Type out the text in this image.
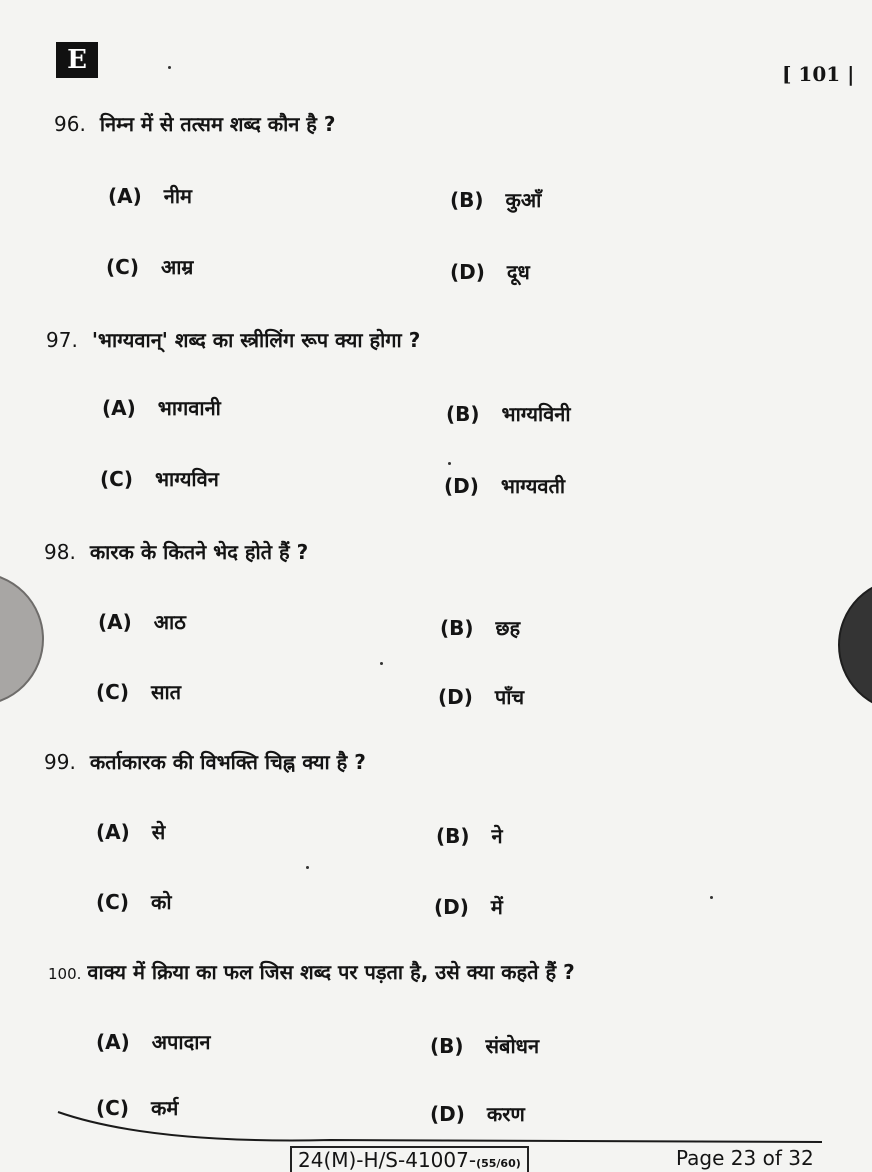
E	[ 101 |
96. निम्न में से तत्सम शब्द कौन है ?
(A) नीम	(B) कुआँ
(C) आम्र	(D) दूध
97. 'भाग्यवान्' शब्द का स्त्रीलिंग रूप क्या होगा ?
(A) भागवानी	(B) भाग्यविनी
(C) भाग्यविन	(D) भाग्यवती
98. कारक के कितने भेद होते हैं ?
(A) आठ	(B) छह
(C) सात	(D) पाँच
99. कर्ताकारक की विभक्ति चिह्न क्या है ?
(A) से	(B) ने
(C) को	(D) में
100. वाक्य में क्रिया का फल जिस शब्द पर पड़ता है, उसे क्या कहते हैं ?
(A) अपादान	(B) संबोधन
(C) कर्म	(D) करण
24(M)-H/S-41007-(55/60)	Page 23 of 32
